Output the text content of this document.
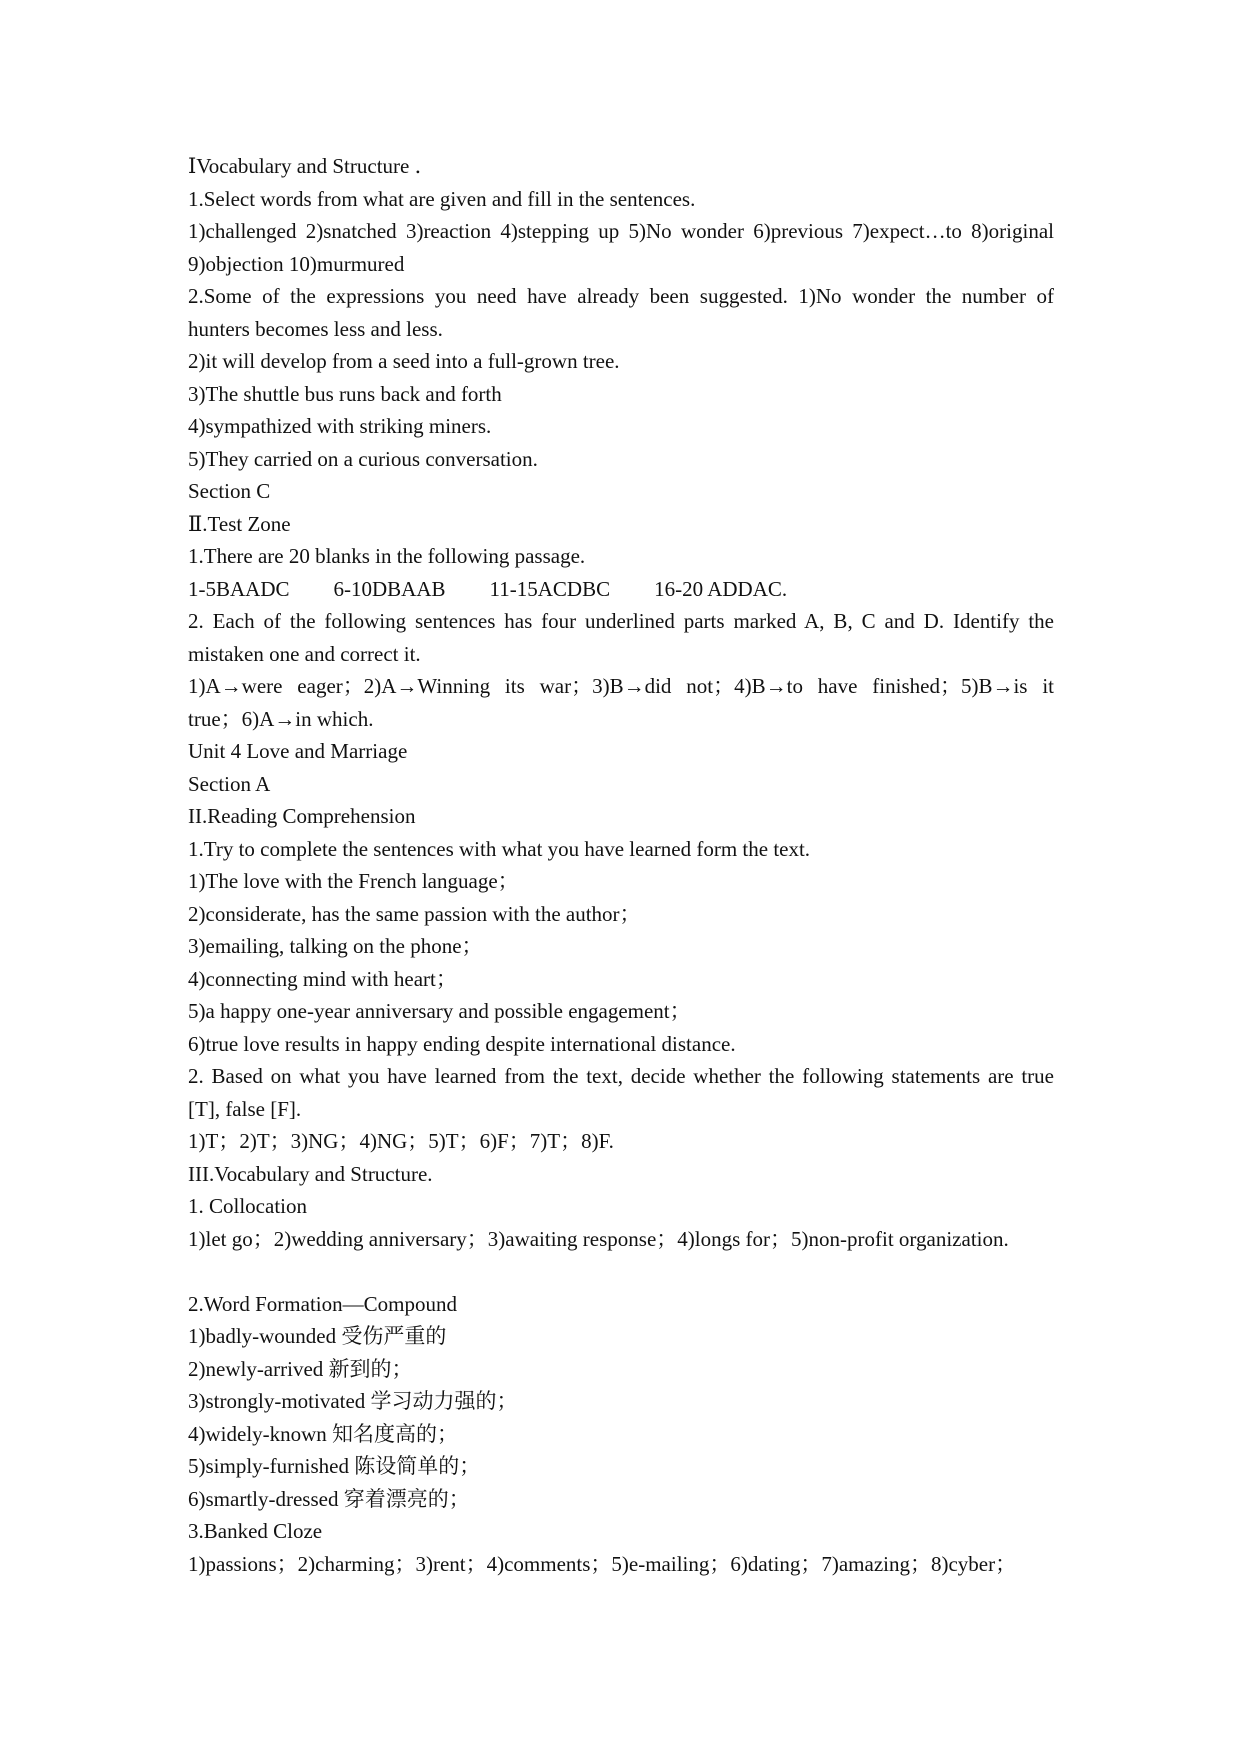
ⅠVocabulary and Structure ．

1.Select words from what are given and fill in the sentences.

1)challenged 2)snatched 3)reaction 4)stepping up 5)No wonder 6)previous 7)expect…to 8)original

9)objection 10)murmured

2.Some of the expressions you need have already been suggested. 1)No wonder the number of

hunters becomes less and less.

2)it will develop from a seed into a full-grown tree.

3)The shuttle bus runs back and forth

4)sympathized with striking miners.

5)They carried on a curious conversation.

Section C

Ⅱ.Test Zone

1.There are 20 blanks in the following passage.

1-5BAADC 6-10DBAAB 11-15ACDBC 16-20 ADDAC.

2. Each of the following sentences has four underlined parts marked A, B, C and D. Identify the

mistaken one and correct it.

1)A→were eager；2)A→Winning its war；3)B→did not；4)B→to have finished；5)B→is it

true；6)A→in which.

Unit 4 Love and Marriage

Section A

II.Reading Comprehension

1.Try to complete the sentences with what you have learned form the text.

1)The love with the French language；

2)considerate, has the same passion with the author；

3)emailing, talking on the phone；

4)connecting mind with heart；

5)a happy one-year anniversary and possible engagement；

6)true love results in happy ending despite international distance.

2. Based on what you have learned from the text, decide whether the following statements are true

[T], false [F].

1)T；2)T；3)NG；4)NG；5)T；6)F；7)T；8)F.

III.Vocabulary and Structure.

1. Collocation

1)let go；2)wedding anniversary；3)awaiting response；4)longs for；5)non-profit organization.

2.Word Formation—Compound

1)badly-wounded 受伤严重的

2)newly-arrived 新到的；

3)strongly-motivated 学习动力强的；

4)widely-known 知名度高的；

5)simply-furnished 陈设简单的；

6)smartly-dressed 穿着漂亮的；

3.Banked Cloze

1)passions；2)charming；3)rent；4)comments；5)e-mailing；6)dating；7)amazing；8)cyber；
